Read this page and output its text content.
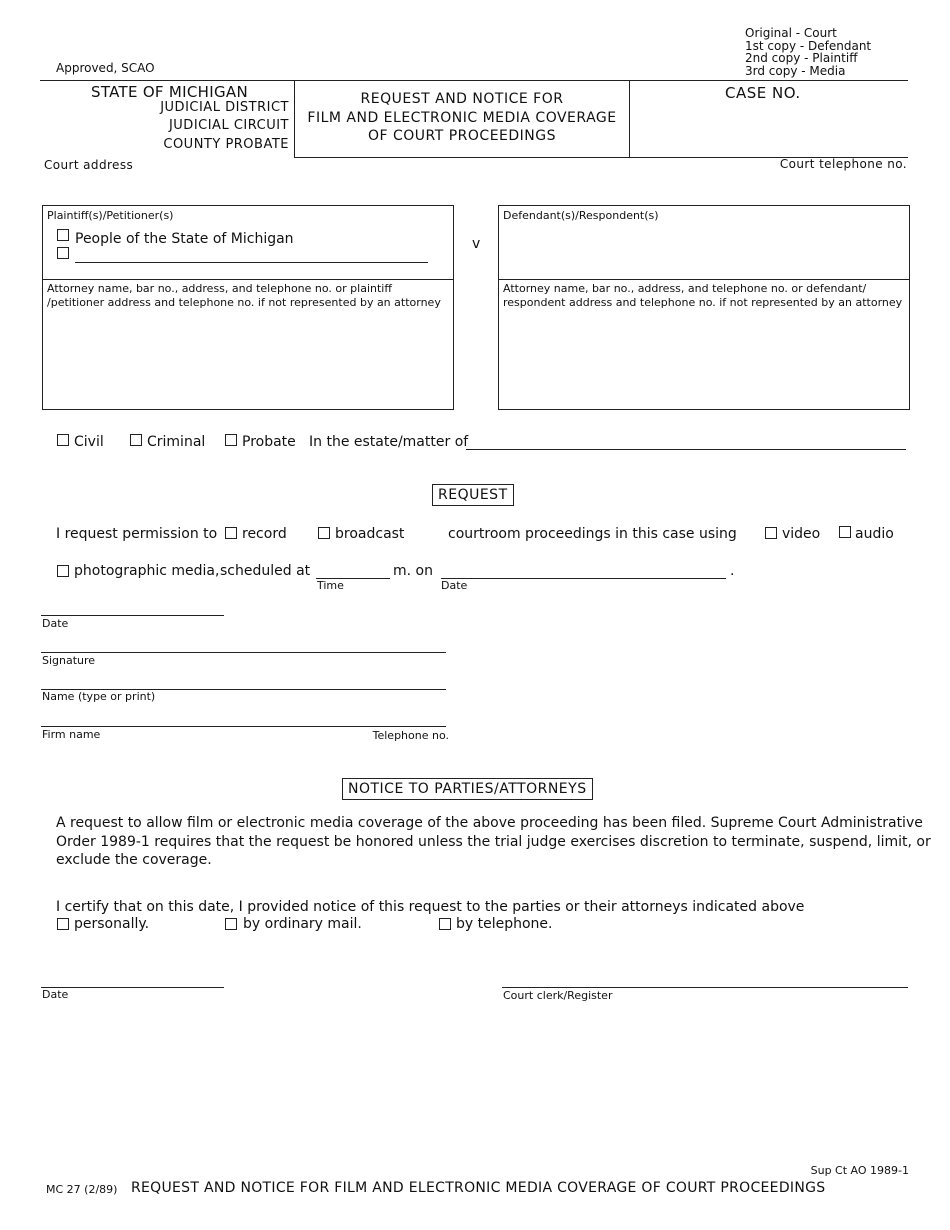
Original - Court
1st copy - Defendant
2nd copy - Plaintiff
3rd copy - Media
Approved, SCAO
STATE OF MICHIGAN
JUDICIAL DISTRICT
JUDICIAL CIRCUIT
COUNTY PROBATE
REQUEST AND NOTICE FOR
FILM AND ELECTRONIC MEDIA COVERAGE
OF COURT PROCEEDINGS
CASE NO.
Court address	Court telephone no.
Plaintiff(s)/Petitioner(s)
People of the State of Michigan
Attorney name, bar no., address, and telephone no. or plaintiff /petitioner address and telephone no. if not represented by an attorney
v
Defendant(s)/Respondent(s)
Attorney name, bar no., address, and telephone no. or defendant/ respondent address and telephone no. if not represented by an attorney
Civil	Criminal	Probate In the estate/matter of
REQUEST
I request permission to record	broadcast	courtroom proceedings in this case using	video audio
photographic media, scheduled at	m. on	.
Time	Date
Date
Signature
Name (type or print)
Firm name	Telephone no.
NOTICE TO PARTIES/ATTORNEYS
A request to allow film or electronic media coverage of the above proceeding has been filed. Supreme Court Administrative
Order 1989-1 requires that the request be honored unless the trial judge exercises discretion to terminate, suspend, limit, or
exclude the coverage.
I certify that on this date, I provided notice of this request to the parties or their attorneys indicated above
personally.	by ordinary mail.	by telephone.
Date	Court clerk/Register
Sup Ct AO 1989-1
MC 27 (2/89) REQUEST AND NOTICE FOR FILM AND ELECTRONIC MEDIA COVERAGE OF COURT PROCEEDINGS
